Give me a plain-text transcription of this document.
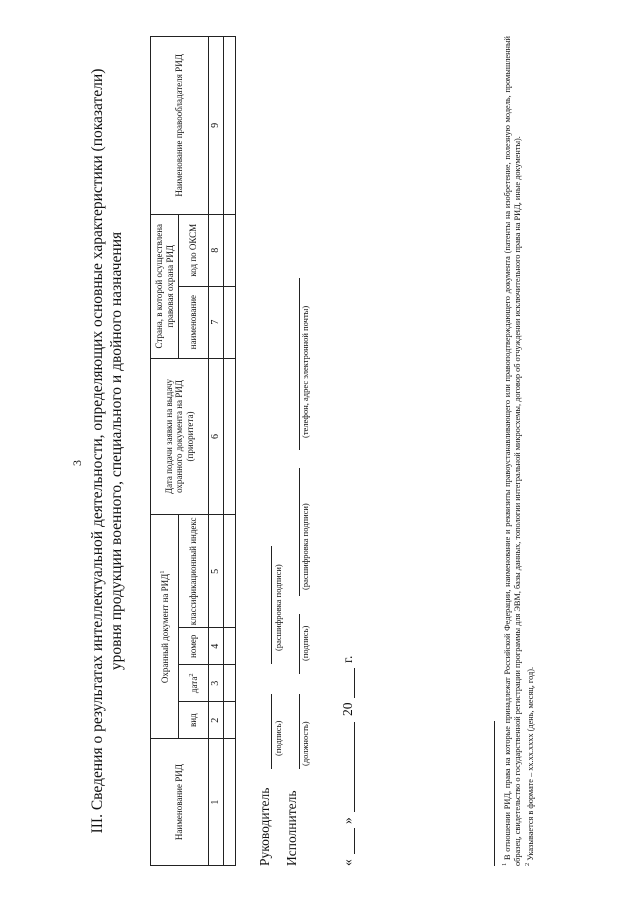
3 III. Сведения о результатах интеллектуальной деятельности, определяющих основные характеристики (показатели) уровня продукции военного, специального и двойного назначения
Наименование РИД	Охранный документ на РИД$^1$				Дата подачи заявки на выдачу охранного документа на РИД (приоритета)	Страна, в которой осуществлена правовая охрана РИД		Наименование правообладателя РИД
	вид	дата$^2$	номер	классификационный индекс		наименование	код по ОКСМ	
1	2	3	4	5	6	7	8	9

Руководитель
(подпись)
(расшифровка подписи)
Исполнитель
(должность)
(подпись)
(расшифровка подписи)
(телефон, адрес электронной почты)
«
»
20
г.

$^1$ В отношении РИД, права на которые принадлежат Российской Федерации, наименование и реквизиты правоустанавливающего или правоподтверждающего документа (патенты на изобретение, полезную модель, промышленный образец, свидетельство о государственной регистрации программы для ЭВМ, базы данных, топологии интегральной микросхемы, договор об отчуждении исключительного права на РИД, иные документы). $^2$ Указывается в формате – хх.хх.хххх (день, месяц, год).
